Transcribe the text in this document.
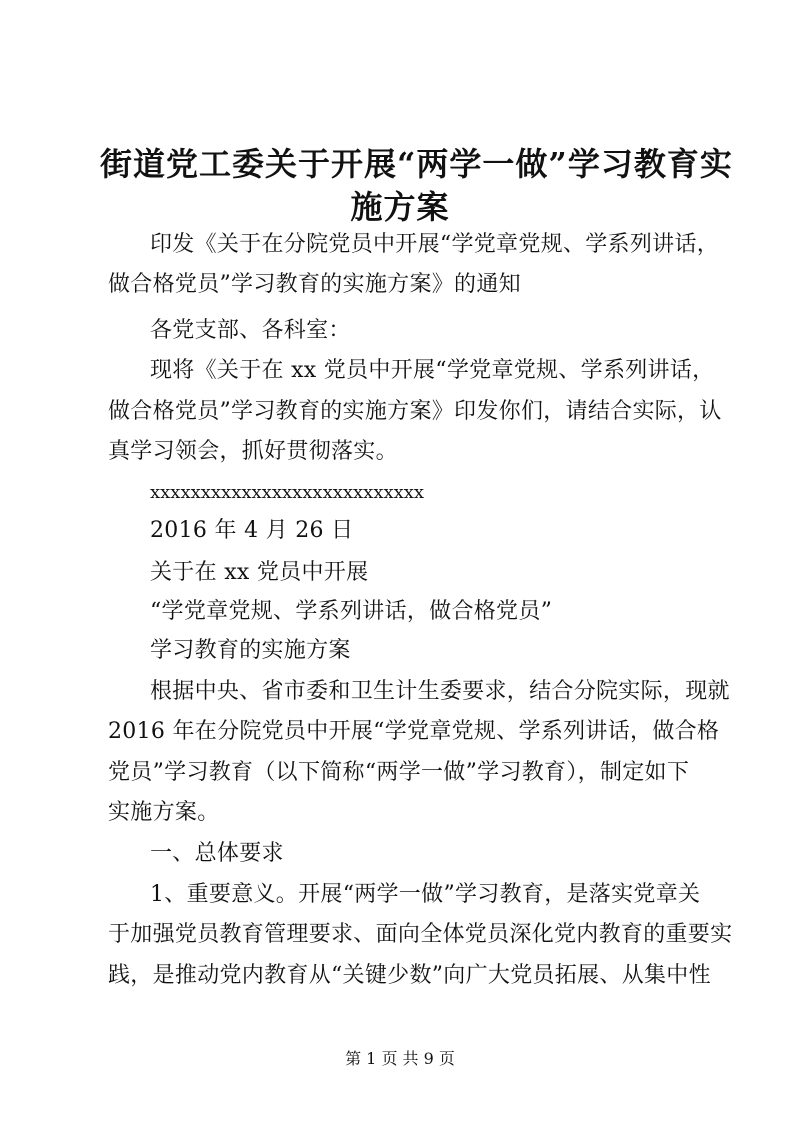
街道党工委关于开展“两学一做”学习教育实
施方案
印发《关于在分院党员中开展“学党章党规、学系列讲话，
做合格党员”学习教育的实施方案》的通知
各党支部、各科室：
现将《关于在 xx 党员中开展“学党章党规、学系列讲话，
做合格党员”学习教育的实施方案》印发你们，请结合实际，认
真学习领会，抓好贯彻落实。
xxxxxxxxxxxxxxxxxxxxxxxxxxx
2016 年 4 月 26 日
关于在 xx 党员中开展
“学党章党规、学系列讲话，做合格党员”
学习教育的实施方案
根据中央、省市委和卫生计生委要求，结合分院实际，现就
2016 年在分院党员中开展“学党章党规、学系列讲话，做合格
党员”学习教育（以下简称“两学一做”学习教育），制定如下
实施方案。
一、总体要求
1、重要意义。开展“两学一做”学习教育，是落实党章关
于加强党员教育管理要求、面向全体党员深化党内教育的重要实
践，是推动党内教育从“关键少数”向广大党员拓展、从集中性
第 1 页 共 9 页
